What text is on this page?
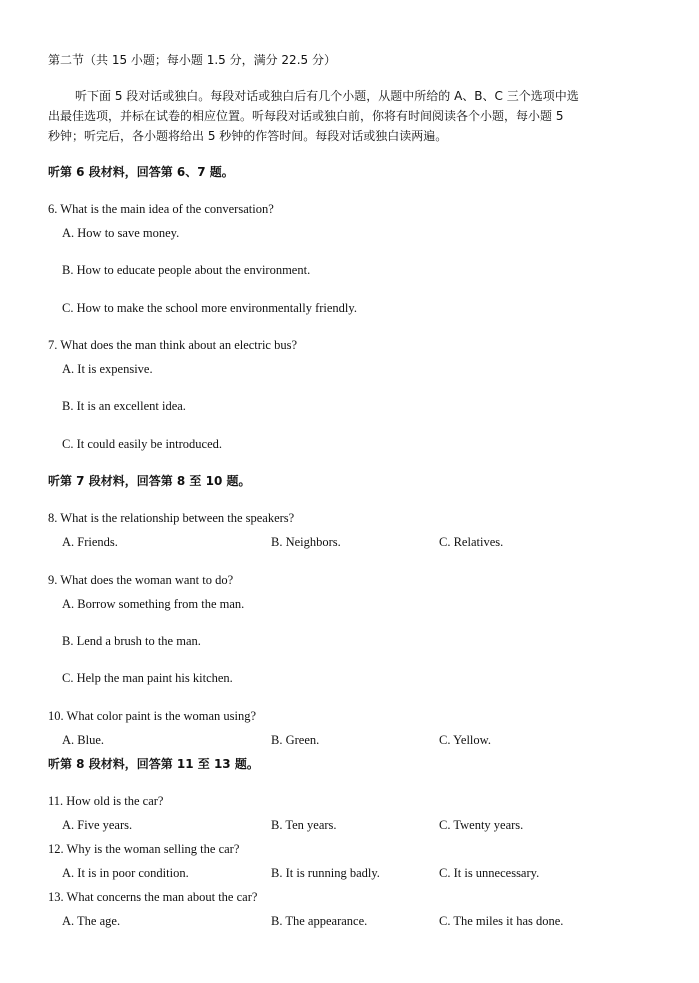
第二节（共 15 小题；每小题 1.5 分，满分 22.5 分）
听下面 5 段对话或独白。每段对话或独白后有几个小题，从题中所给的 A、B、C 三个选项中选
出最佳选项，并标在试卷的相应位置。听每段对话或独白前，你将有时间阅读各个小题，每小题 5
秒钟；听完后，各小题将给出 5 秒钟的作答时间。每段对话或独白读两遍。
听第 6 段材料，回答第 6、7 题。
6. What is the main idea of the conversation?
A. How to save money.
B. How to educate people about the environment.
C. How to make the school more environmentally friendly.
7. What does the man think about an electric bus?
A. It is expensive.
B. It is an excellent idea.
C. It could easily be introduced.
听第 7 段材料，回答第 8 至 10 题。
8. What is the relationship between the speakers?
A. Friends.	B. Neighbors.	C. Relatives.
9. What does the woman want to do?
A. Borrow something from the man.
B. Lend a brush to the man.
C. Help the man paint his kitchen.
10. What color paint is the woman using?
A. Blue.	B. Green.	C. Yellow.
听第 8 段材料，回答第 11 至 13 题。
11. How old is the car?
A. Five years.	B. Ten years.	C. Twenty years.
12. Why is the woman selling the car?
A. It is in poor condition.	B. It is running badly.	C. It is unnecessary.
13. What concerns the man about the car?
A. The age.	B. The appearance.	C. The miles it has done.
